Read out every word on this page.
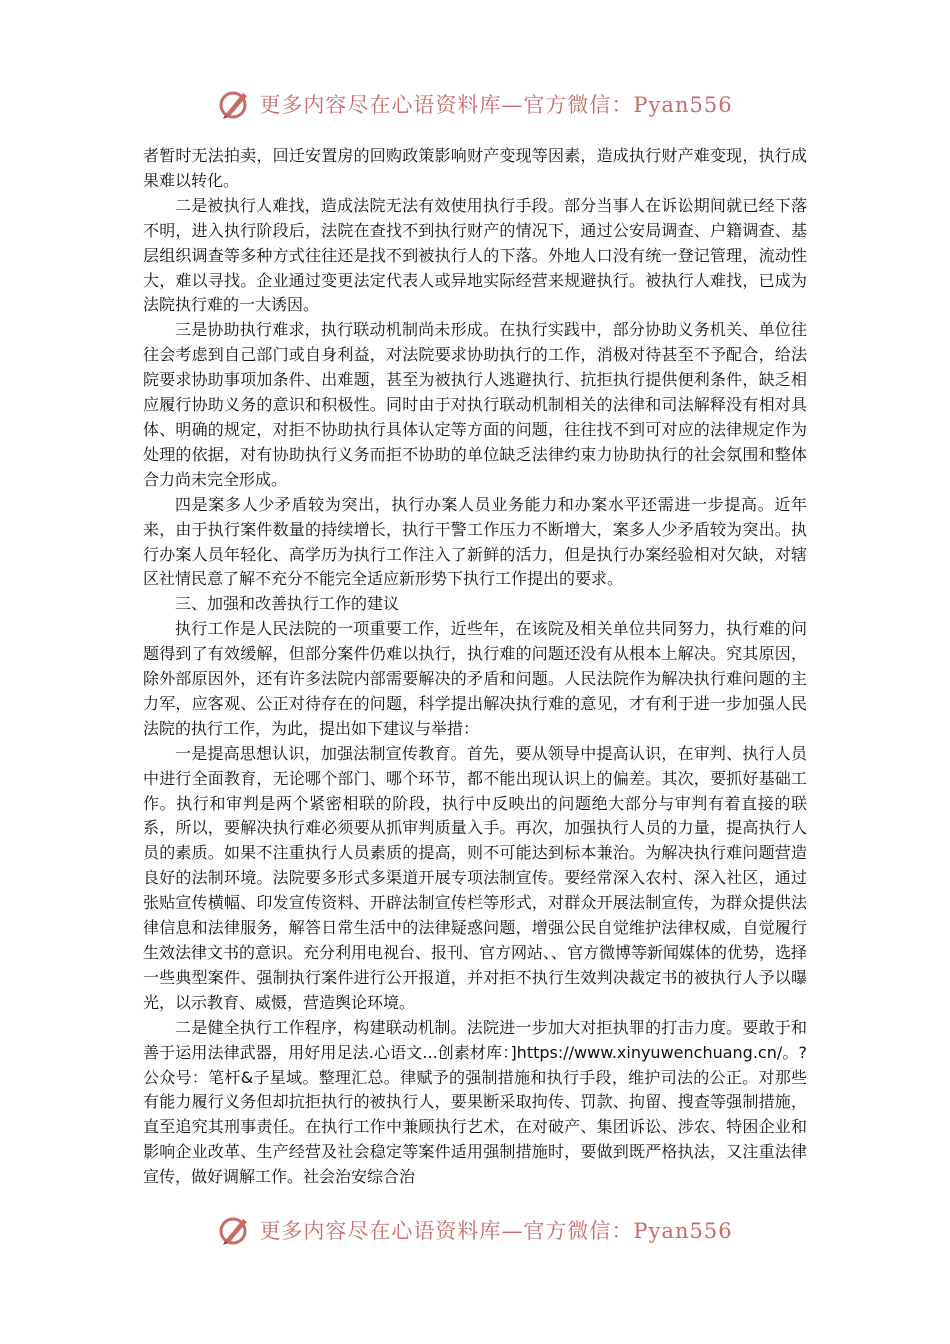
更多内容尽在心语资料库—官方微信：Pyan556

者暂时无法拍卖，回迁安置房的回购政策影响财产变现等因素，造成执行财产难变现，执行成果难以转化。

二是被执行人难找，造成法院无法有效使用执行手段。部分当事人在诉讼期间就已经下落不明，进入执行阶段后，法院在查找不到执行财产的情况下，通过公安局调查、户籍调查、基层组织调查等多种方式往往还是找不到被执行人的下落。外地人口没有统一登记管理，流动性大，难以寻找。企业通过变更法定代表人或异地实际经营来规避执行。被执行人难找，已成为法院执行难的一大诱因。

三是协助执行难求，执行联动机制尚未形成。在执行实践中，部分协助义务机关、单位往往会考虑到自己部门或自身利益，对法院要求协助执行的工作，消极对待甚至不予配合，给法院要求协助事项加条件、出难题，甚至为被执行人逃避执行、抗拒执行提供便利条件，缺乏相应履行协助义务的意识和积极性。同时由于对执行联动机制相关的法律和司法解释没有相对具体、明确的规定，对拒不协助执行具体认定等方面的问题，往往找不到可对应的法律规定作为处理的依据，对有协助执行义务而拒不协助的单位缺乏法律约束力协助执行的社会氛围和整体合力尚未完全形成。

四是案多人少矛盾较为突出，执行办案人员业务能力和办案水平还需进一步提高。近年来，由于执行案件数量的持续增长，执行干警工作压力不断增大，案多人少矛盾较为突出。执行办案人员年轻化、高学历为执行工作注入了新鲜的活力，但是执行办案经验相对欠缺，对辖区社情民意了解不充分不能完全适应新形势下执行工作提出的要求。

三、加强和改善执行工作的建议

执行工作是人民法院的一项重要工作，近些年，在该院及相关单位共同努力，执行难的问题得到了有效缓解，但部分案件仍难以执行，执行难的问题还没有从根本上解决。究其原因，除外部原因外，还有许多法院内部需要解决的矛盾和问题。人民法院作为解决执行难问题的主力军，应客观、公正对待存在的问题，科学提出解决执行难的意见，才有利于进一步加强人民法院的执行工作，为此，提出如下建议与举措：

一是提高思想认识，加强法制宣传教育。首先，要从领导中提高认识，在审判、执行人员中进行全面教育，无论哪个部门、哪个环节，都不能出现认识上的偏差。其次，要抓好基础工作。执行和审判是两个紧密相联的阶段，执行中反映出的问题绝大部分与审判有着直接的联系，所以，要解决执行难必须要从抓审判质量入手。再次，加强执行人员的力量，提高执行人员的素质。如果不注重执行人员素质的提高，则不可能达到标本兼治。为解决执行难问题营造良好的法制环境。法院要多形式多渠道开展专项法制宣传。要经常深入农村、深入社区，通过张贴宣传横幅、印发宣传资料、开辟法制宣传栏等形式，对群众开展法制宣传，为群众提供法律信息和法律服务，解答日常生活中的法律疑惑问题，增强公民自觉维护法律权威，自觉履行生效法律文书的意识。充分利用电视台、报刊、官方网站、、官方微博等新闻媒体的优势，选择一些典型案件、强制执行案件进行公开报道，并对拒不执行生效判决裁定书的被执行人予以曝光，以示教育、威慑，营造舆论环境。

二是健全执行工作程序，构建联动机制。法院进一步加大对拒执罪的打击力度。要敢于和善于运用法律武器，用好用足法.心语文...创素材库：]https://www.xinyuwenchuang.cn/。?公众号：笔杆&子星域。整理汇总。律赋予的强制措施和执行手段，维护司法的公正。对那些有能力履行义务但却抗拒执行的被执行人，要果断采取拘传、罚款、拘留、搜查等强制措施，直至追究其刑事责任。在执行工作中兼顾执行艺术，在对破产、集团诉讼、涉农、特困企业和影响企业改革、生产经营及社会稳定等案件适用强制措施时，要做到既严格执法，又注重法律宣传，做好调解工作。社会治安综合治

更多内容尽在心语资料库—官方微信：Pyan556
